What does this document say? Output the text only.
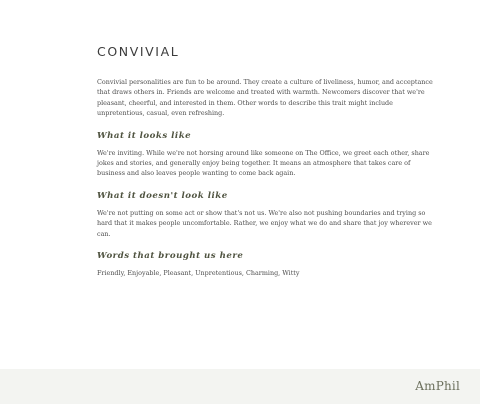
CONVIVIAL

Convivial personalities are fun to be around. They create a culture of liveliness, humor, and acceptance that draws others in. Friends are welcome and treated with warmth. Newcomers discover that we're pleasant, cheerful, and interested in them. Other words to describe this trait might include unpretentious, casual, even refreshing.

What it looks like

We're inviting. While we're not horsing around like someone on The Office, we greet each other, share jokes and stories, and generally enjoy being together. It means an atmosphere that takes care of business and also leaves people wanting to come back again.

What it doesn't look like

We're not putting on some act or show that's not us. We're also not pushing boundaries and trying so hard that it makes people uncomfortable. Rather, we enjoy what we do and share that joy wherever we can.

Words that brought us here

Friendly, Enjoyable, Pleasant, Unpretentious, Charming, Witty

AmPhil
